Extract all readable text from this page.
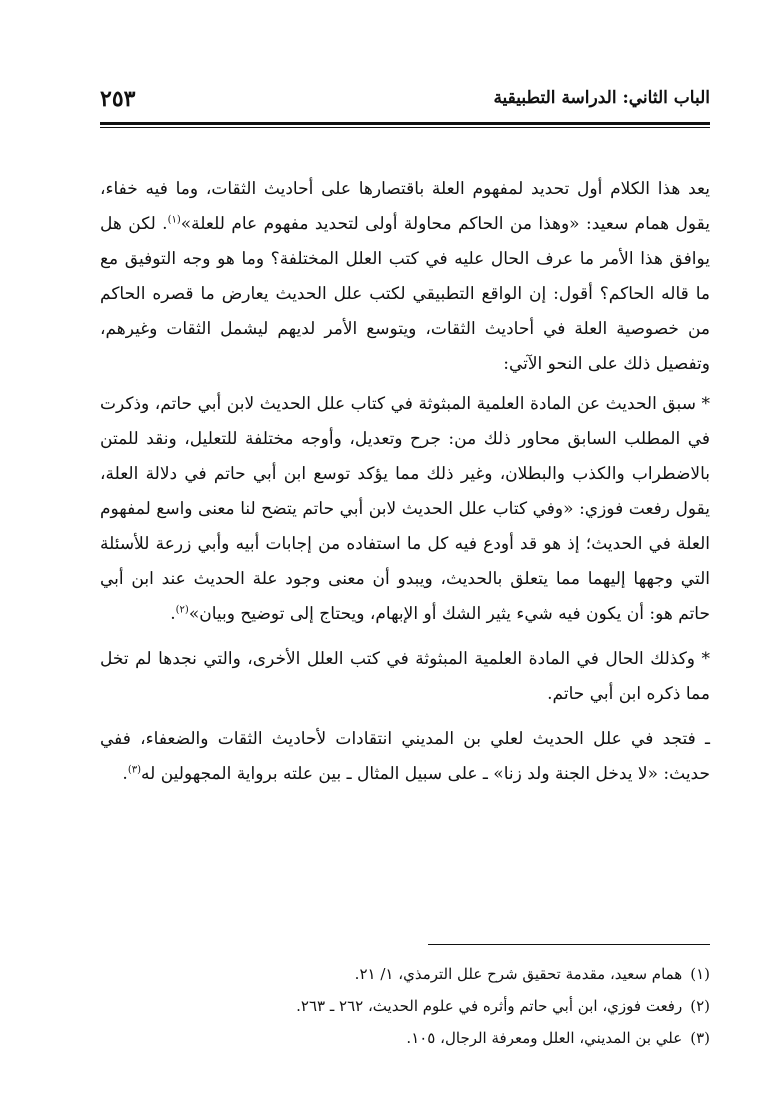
الباب الثاني: الدراسة التطبيقية
٢٥٣

يعد هذا الكلام أول تحديد لمفهوم العلة باقتصارها على أحاديث الثقات، وما فيه خفاء، يقول همام سعيد: «وهذا من الحاكم محاولة أولى لتحديد مفهوم عام للعلة»$^{(١)}$. لكن هل يوافق هذا الأمر ما عرف الحال عليه في كتب العلل المختلفة؟ وما هو وجه التوفيق مع ما قاله الحاكم؟ أقول: إن الواقع التطبيقي لكتب علل الحديث يعارض ما قصره الحاكم من خصوصية العلة في أحاديث الثقات، ويتوسع الأمر لديهم ليشمل الثقات وغيرهم، وتفصيل ذلك على النحو الآتي:

* سبق الحديث عن المادة العلمية المبثوثة في كتاب علل الحديث لابن أبي حاتم، وذكرت في المطلب السابق محاور ذلك من: جرح وتعديل، وأوجه مختلفة للتعليل، ونقد للمتن بالاضطراب والكذب والبطلان، وغير ذلك مما يؤكد توسع ابن أبي حاتم في دلالة العلة، يقول رفعت فوزي: «وفي كتاب علل الحديث لابن أبي حاتم يتضح لنا معنى واسع لمفهوم العلة في الحديث؛ إذ هو قد أودع فيه كل ما استفاده من إجابات أبيه وأبي زرعة للأسئلة التي وجهها إليهما مما يتعلق بالحديث، ويبدو أن معنى وجود علة الحديث عند ابن أبي حاتم هو: أن يكون فيه شيء يثير الشك أو الإبهام، ويحتاج إلى توضيح وبيان»$^{(٢)}$.

* وكذلك الحال في المادة العلمية المبثوثة في كتب العلل الأخرى، والتي نجدها لم تخل مما ذكره ابن أبي حاتم.

ـ فتجد في علل الحديث لعلي بن المديني انتقادات لأحاديث الثقات والضعفاء، ففي حديث: «لا يدخل الجنة ولد زنا» ـ على سبيل المثال ـ بين علته برواية المجهولين له$^{(٣)}$.

(١)همام سعيد، مقدمة تحقيق شرح علل الترمذي، ١/ ٢١.
(٢)رفعت فوزي، ابن أبي حاتم وأثره في علوم الحديث، ٢٦٢ ـ ٢٦٣.
(٣)علي بن المديني، العلل ومعرفة الرجال، ١٠٥.
